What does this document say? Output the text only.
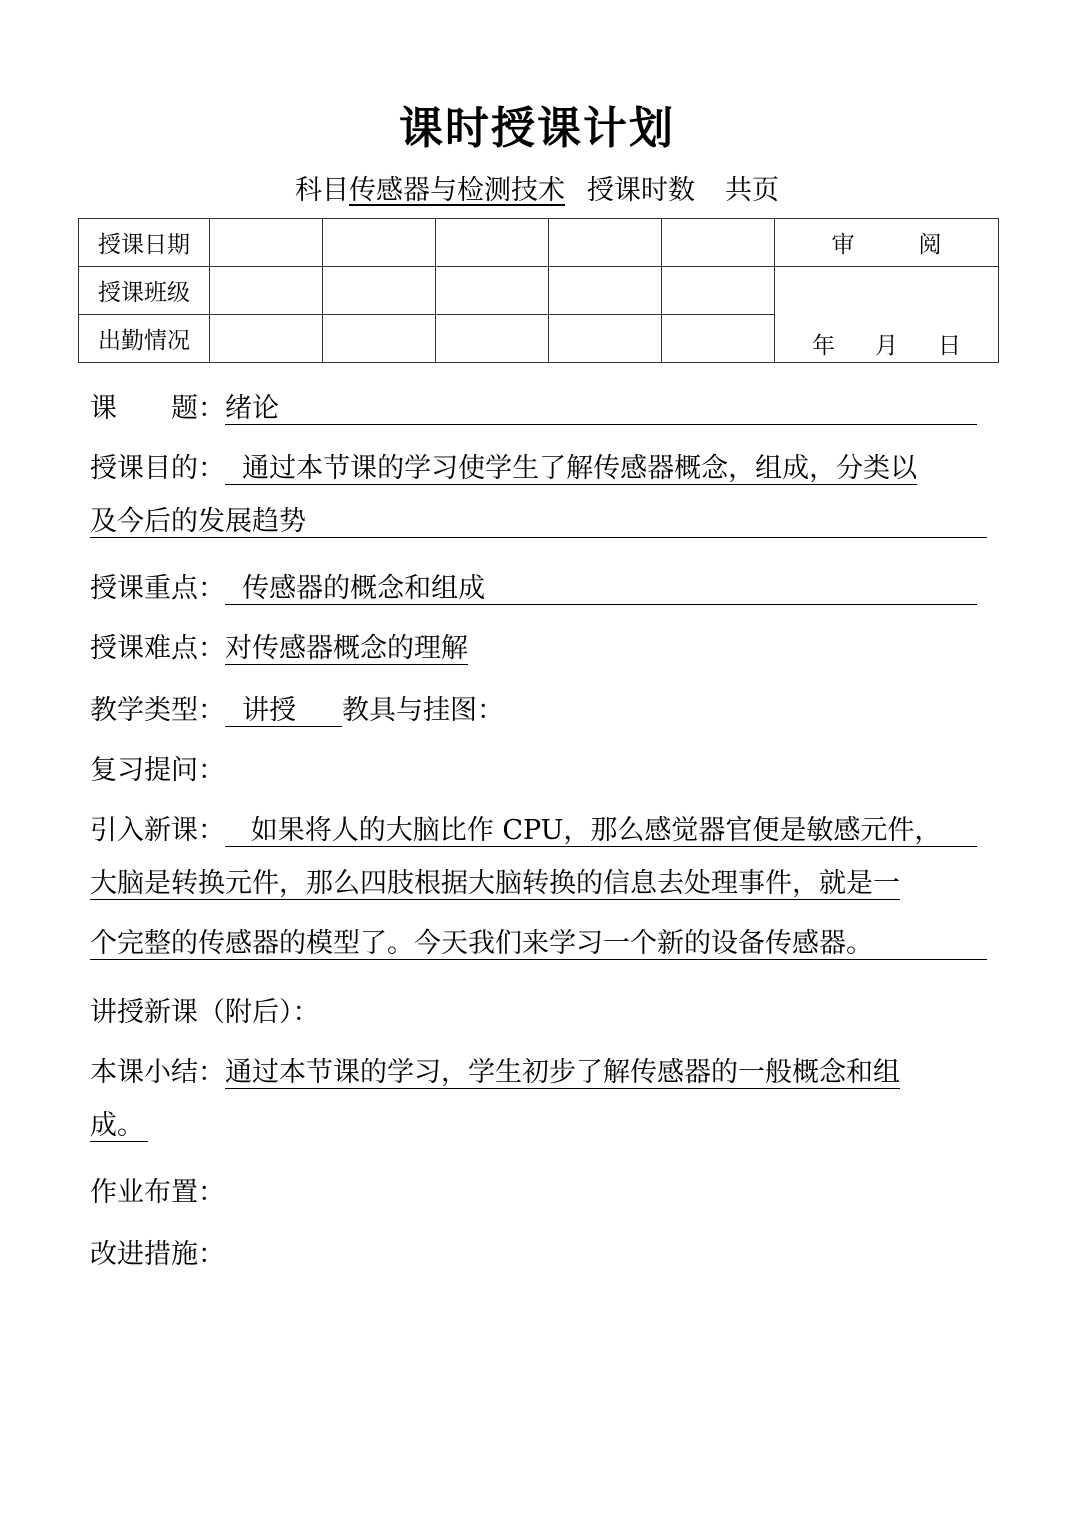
课时授课计划
科目传感器与检测技术 授课时数 共页
授课日期						审 阅
授课班级						年 月 日
出勤情况						
课　　题：绪论
授课目的：  通过本节课的学习使学生了解传感器概念，组成，分类以
及今后的发展趋势
授课重点：  传感器的概念和组成
授课难点：对传感器概念的理解
教学类型：  讲授 教具与挂图：
复习提问：
引入新课：   如果将人的大脑比作 CPU，那么感觉器官便是敏感元件，
大脑是转换元件，那么四肢根据大脑转换的信息去处理事件，就是一
个完整的传感器的模型了。今天我们来学习一个新的设备传感器。
讲授新课（附后）：
本课小结：通过本节课的学习，学生初步了解传感器的一般概念和组
成。
作业布置：
改进措施：
